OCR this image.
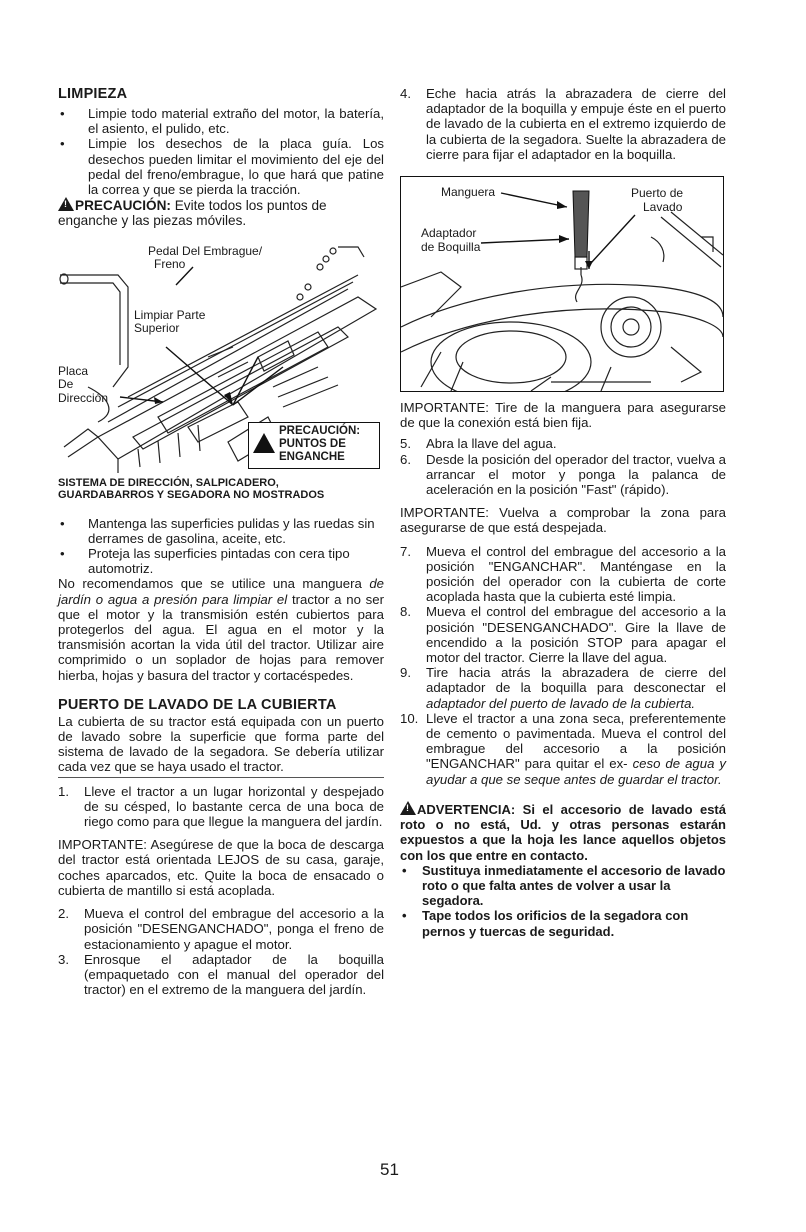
LIMPIEZA
• Limpie todo material extraño del motor, la batería, el asiento, el pulido, etc.
• Limpie los desechos de la placa guía. Los desechos pueden limitar el movimiento del eje del pedal del freno/embrague, lo que hará que patine la correa y que se pierda la tracción.

!PRECAUCIÓN: Evite todos los puntos de enganche y las piezas móviles.

Pedal Del Embrague/
Freno
Limpiar Parte
Superior
Placa
De
Dirección
PRECAUCIÓN:
PUNTOS DE
ENGANCHE
SISTEMA DE DIRECCIÓN, SALPICADERO,
GUARDABARROS Y SEGADORA NO MOSTRADOS
• Mantenga las superficies pulidas y las ruedas sin derrames de gasolina, aceite, etc.
• Proteja las superficies pintadas con cera tipo automotriz.

No recomendamos que se utilice una manguera de jardín o agua a presión para limpiar el tractor a no ser que el motor y la transmisión estén cubiertos para protegerlos del agua. El agua en el motor y la transmisión acortan la vida útil del tractor. Utilizar aire comprimido o un soplador de hojas para remover hierba, hojas y basura del tractor y cortacéspedes.

PUERTO DE LAVADO DE LA CUBIERTA

La cubierta de su tractor está equipada con un puerto de lavado sobre la superficie que forma parte del sistema de lavado de la segadora. Se debería utilizar cada vez que se haya usado el tractor.

1. Lleve el tractor a un lugar horizontal y despejado de su césped, lo bastante cerca de una boca de riego como para que llegue la manguera del jardín.

IMPORTANTE: Asegúrese de que la boca de descarga del tractor está orientada LEJOS de su casa, garaje, coches aparcados, etc. Quite la boca de ensacado o cubierta de mantillo si está acoplada.

2. Mueva el control del embrague del accesorio a la posición "DESENGANCHADO", ponga el freno de estacionamiento y apague el motor.
3. Enrosque el adaptador de la boquilla (empaquetado con el manual del operador del tractor) en el extremo de la manguera del jardín.
4. Eche hacia atrás la abrazadera de cierre del adaptador de la boquilla y empuje éste en el puerto de lavado de la cubierta en el extremo izquierdo de la cubierta de la segadora. Suelte la abrazadera de cierre para fijar el adaptador en la boquilla.
Manguera	Puerto de
Lavado
Adaptador
de Boquilla

IMPORTANTE: Tire de la manguera para asegurarse de que la conexión está bien fija.

5. Abra la llave del agua.
6. Desde la posición del operador del tractor, vuelva a arrancar el motor y ponga la palanca de aceleración en la posición "Fast" (rápido).

IMPORTANTE: Vuelva a comprobar la zona para asegurarse de que está despejada.

7. Mueva el control del embrague del accesorio a la posición "ENGANCHAR". Manténgase en la posición del operador con la cubierta de corte acoplada hasta que la cubierta esté limpia.
8. Mueva el control del embrague del accesorio a la posición "DESENGANCHADO". Gire la llave de encendido a la posición STOP para apagar el motor del tractor. Cierre la llave del agua.
9. Tire hacia atrás la abrazadera de cierre del adaptador de la boquilla para desconectar el adaptador del puerto de lavado de la cubierta.
10. Lleve el tractor a una zona seca, preferentemente de cemento o pavimentada. Mueva el control del embrague del accesorio a la posición "ENGANCHAR" para quitar el ex- ceso de agua y ayudar a que se seque antes de guardar el tractor.

!ADVERTENCIA: Si el accesorio de lavado está roto o no está, Ud. y otras personas estarán expuestos a que la hoja les lance aquellos objetos con los que entre en contacto.

• Sustituya inmediatamente el accesorio de lavado roto o que falta antes de volver a usar la segadora.
• Tape todos los orificios de la segadora con pernos y tuercas de seguridad.
51
